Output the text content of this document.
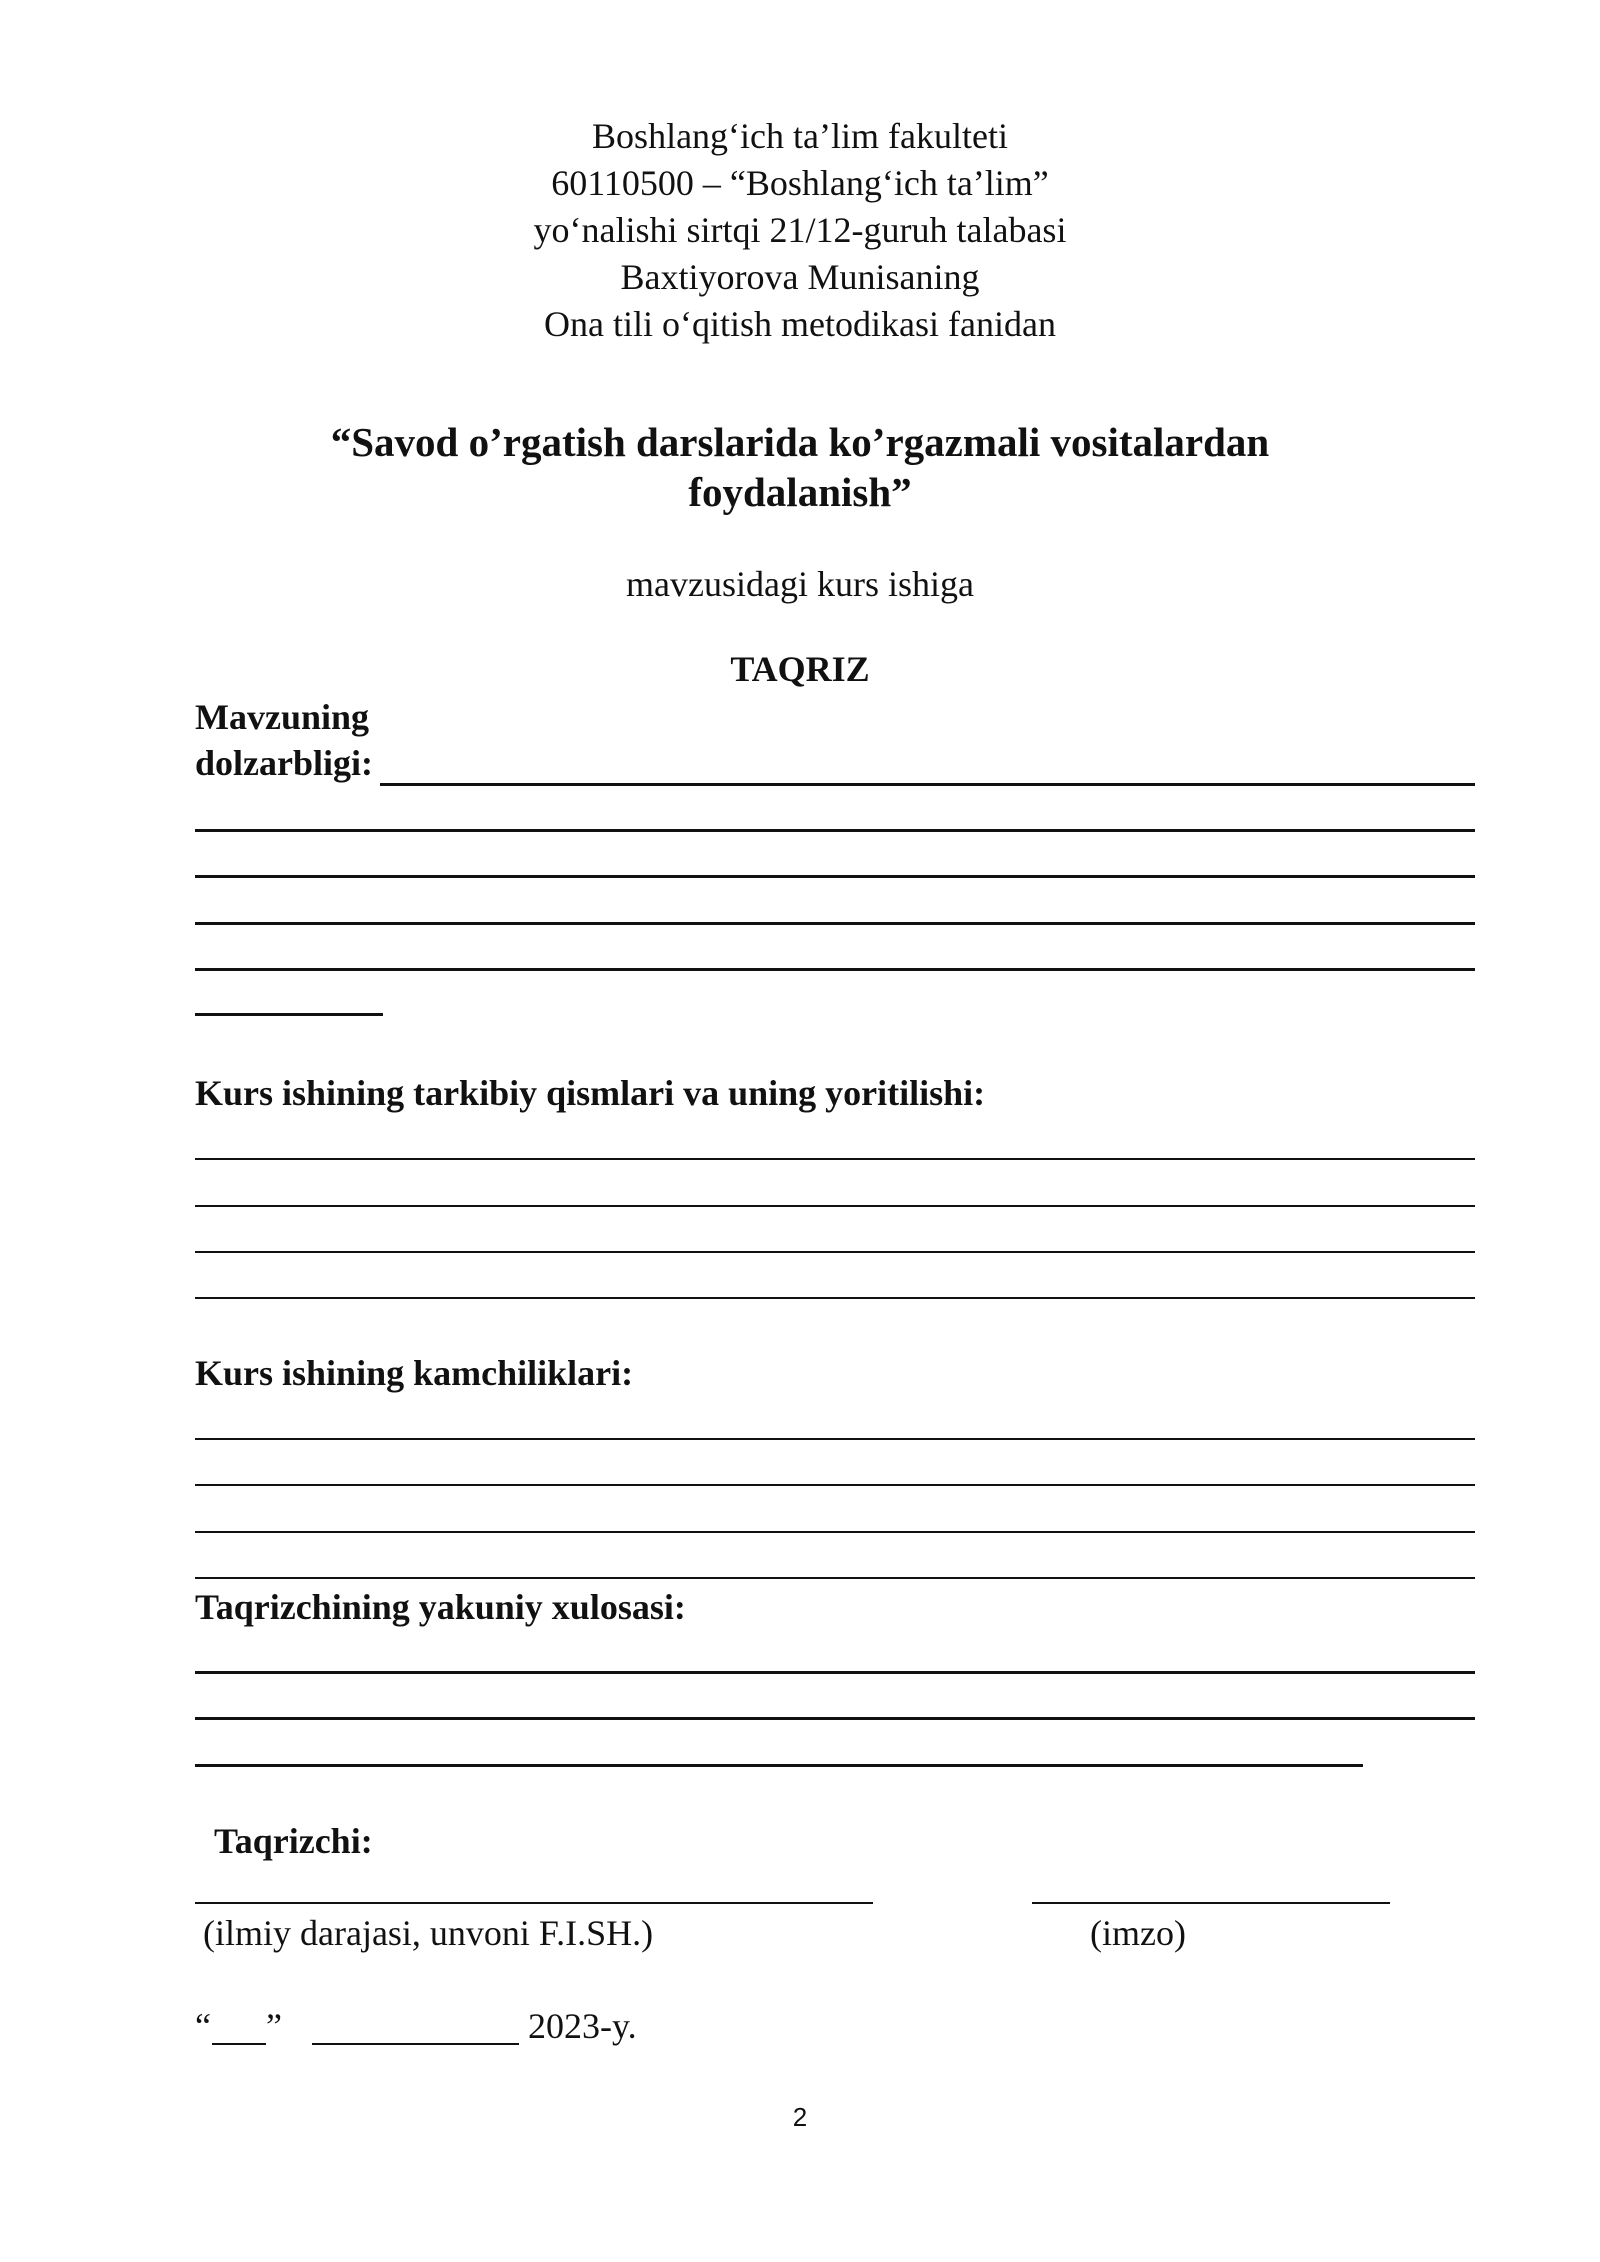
Boshlang‘ich ta’lim fakulteti
60110500 – “Boshlang‘ich ta’lim”
yo‘nalishi sirtqi 21/12-guruh talabasi
Baxtiyorova Munisaning
Ona tili o‘qitish metodikasi fanidan
“Savod o’rgatish darslarida ko’rgazmali vositalardan
foydalanish”
mavzusidagi kurs ishiga
TAQRIZ
Mavzuning
dolzarbligi:
Kurs ishining tarkibiy qismlari va uning yoritilishi:
Kurs ishining kamchiliklari:
Taqrizchining yakuniy xulosasi:
Taqrizchi:
(ilmiy darajasi, unvoni F.I.SH.)	(imzo)
“ ”	2023-y.
2
